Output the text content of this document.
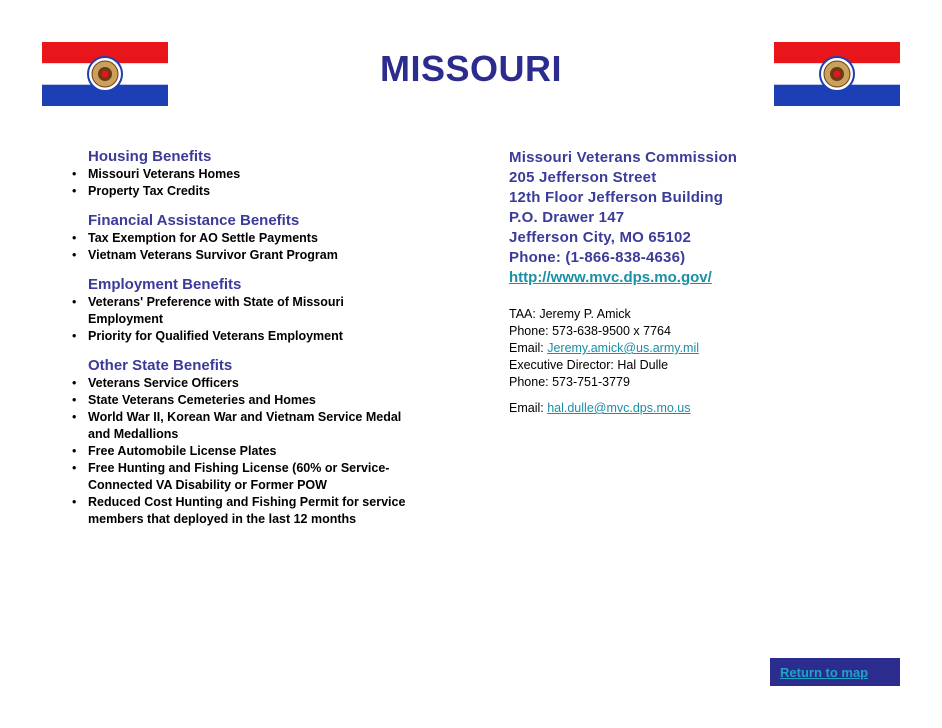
MISSOURI
Housing Benefits
• Missouri Veterans Homes
• Property Tax Credits
Financial Assistance Benefits
• Tax Exemption for AO Settle Payments
• Vietnam Veterans Survivor Grant Program
Employment Benefits
• Veterans' Preference with State of Missouri Employment
• Priority for Qualified Veterans Employment
Other State Benefits
• Veterans Service Officers
• State Veterans Cemeteries and Homes
• World War II, Korean War and Vietnam Service Medal and Medallions
• Free Automobile License Plates
• Free Hunting and Fishing License (60% or Service-Connected VA Disability or Former POW
• Reduced Cost Hunting and Fishing Permit for service members that deployed in the last 12 months
Missouri Veterans Commission
205 Jefferson Street
12th Floor Jefferson Building
P.O. Drawer 147
Jefferson City, MO 65102
Phone: (1-866-838-4636)
http://www.mvc.dps.mo.gov/
TAA: Jeremy P. Amick
Phone: 573-638-9500 x 7764
Email: Jeremy.amick@us.army.mil
Executive Director: Hal Dulle
Phone: 573-751-3779
Email: hal.dulle@mvc.dps.mo.us
Return to map
